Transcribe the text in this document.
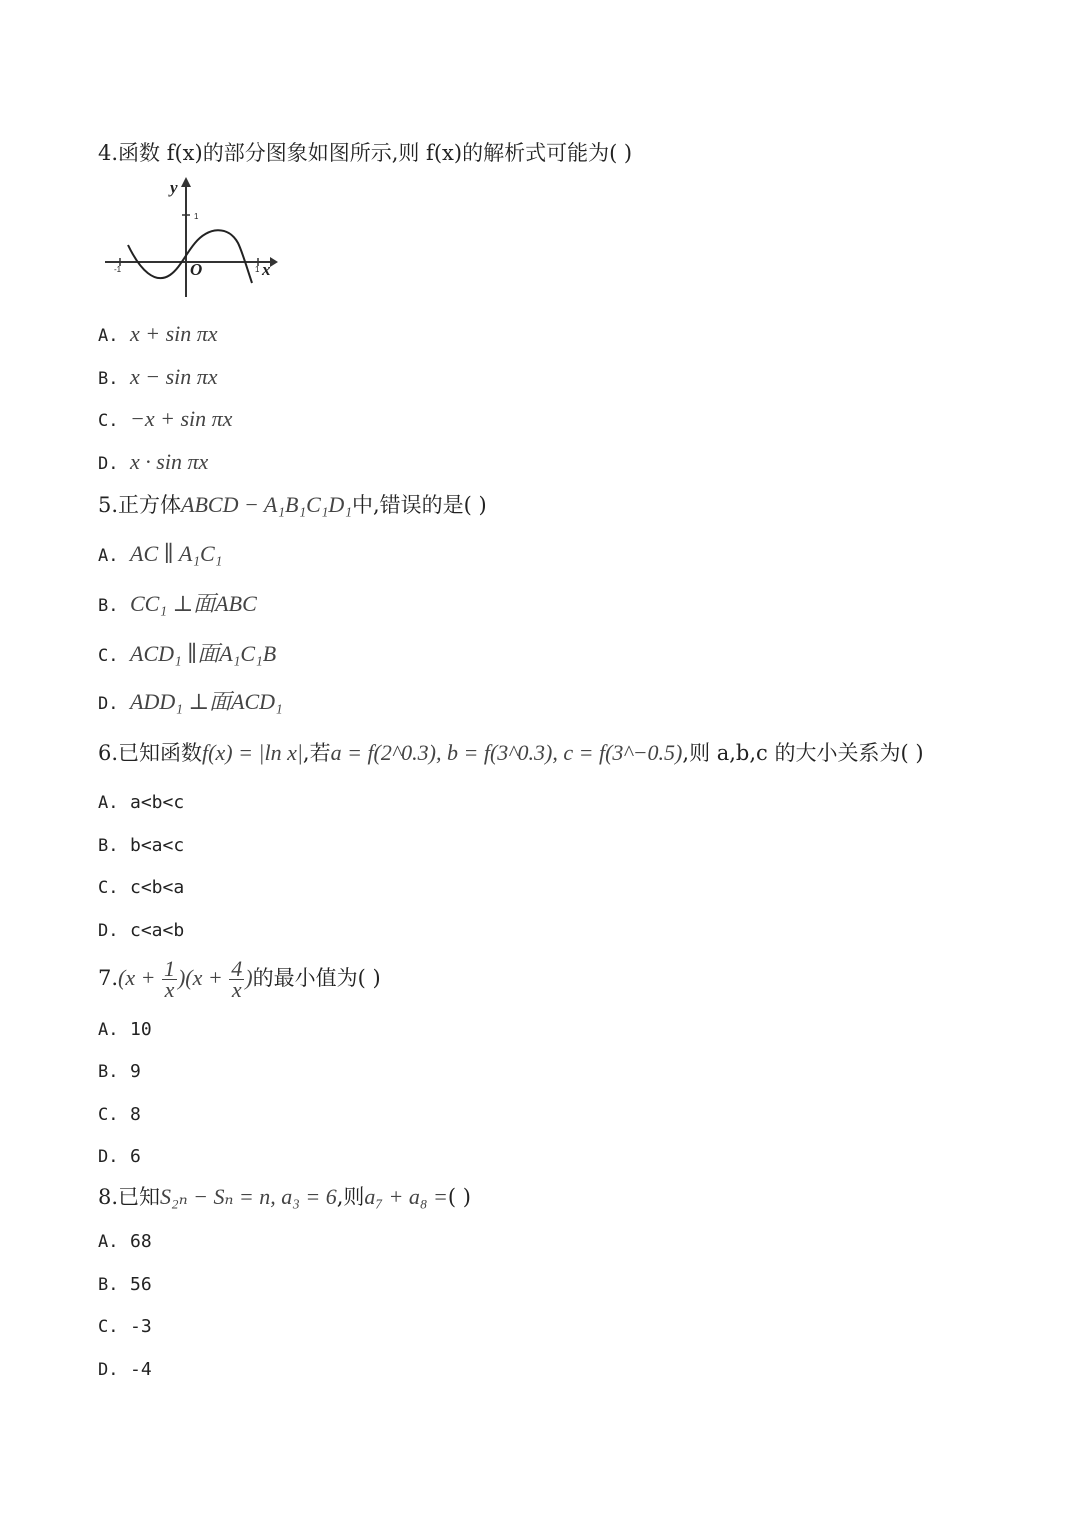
4.函数 f(x)的部分图象如图所示,则 f(x)的解析式可能为( )
y
x
O
1
-1	1
A. x + sin πx
B. x − sin πx
C. −x + sin πx
D. x · sin πx
5.正方体ABCD − A₁B₁C₁D₁中,错误的是( )
A. AC ∥ A₁C₁
B. CC₁ ⊥面ABC
C. ACD₁ ∥面A₁C₁B
D. ADD₁ ⊥面ACD₁
6.已知函数f(x) = |ln x|,若a = f(2^0.3), b = f(3^0.3), c = f(3^−0.5),则 a,b,c 的大小关系为( )
A. a<b<c
B. b<a<c
C. c<b<a
D. c<a<b
$7.(x + \frac{1}{x} )(x + \frac{4}{x}$ )的最小值为( )
A. 10
B. 9
C. 8
D. 6
8.已知S₂ₙ − Sₙ = n, a₃ = 6,则a₇ + a₈ =( )
A. 68
B. 56
C. -3
D. -4
